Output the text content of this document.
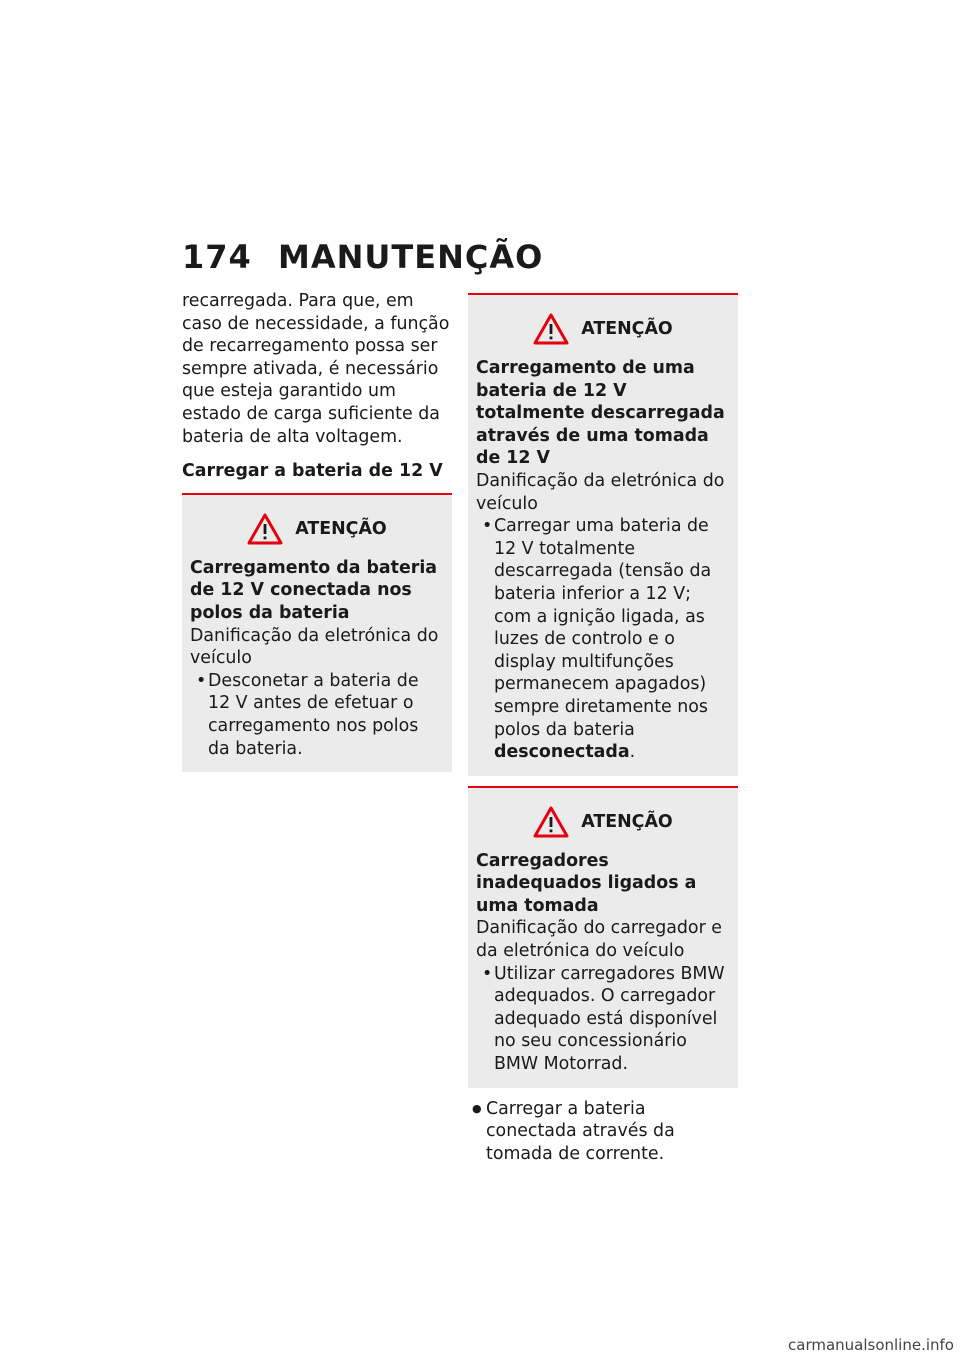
174 MANUTENÇÃO

recarregada. Para que, em caso de necessidade, a função de recarregamento possa ser sempre ativada, é necessário que esteja garantido um estado de carga suficiente da bateria de alta voltagem.

Carregar a bateria de 12 V
ATENÇÃO

Carregamento da bateria de 12 V conectada nos polos da bateria

Danificação da eletrónica do veículo

• Desconetar a bateria de 12 V antes de efetuar o carregamento nos polos da bateria.
ATENÇÃO

Carregamento de uma bateria de 12 V totalmente descarregada através de uma tomada de 12 V

Danificação da eletrónica do veículo

• Carregar uma bateria de 12 V totalmente descarregada (tensão da bateria inferior a 12 V; com a ignição ligada, as luzes de controlo e o display multifunções permanecem apagados) sempre diretamente nos polos da bateria desconectada.
ATENÇÃO

Carregadores inadequados ligados a uma tomada

Danificação do carregador e da eletrónica do veículo

• Utilizar carregadores BMW adequados. O carregador adequado está disponível no seu concessionário BMW Motorrad.
● Carregar a bateria conectada através da tomada de corrente.
carmanualsonline.info
